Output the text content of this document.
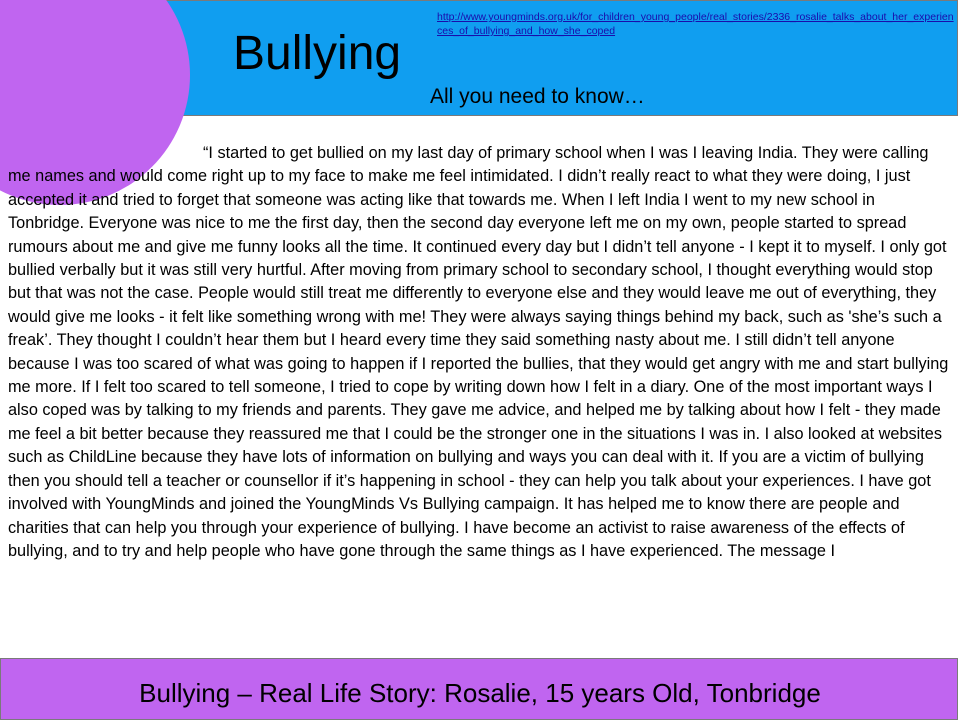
Bullying
All you need to know…
http://www.youngminds.org.uk/for_children_young_people/real_stories/2336_rosalie_talks_about_her_experiences_of_bullying_and_how_she_coped

“I started to get bullied on my last day of primary school when I was I leaving India. They were calling me names and would come right up to my face to make me feel intimidated. I didn’t really react to what they were doing, I just accepted it and tried to forget that someone was acting like that towards me. When I left India I went to my new school in Tonbridge. Everyone was nice to me the first day, then the second day everyone left me on my own, people started to spread rumours about me and give me funny looks all the time. It continued every day but I didn’t tell anyone - I kept it to myself. I only got bullied verbally but it was still very hurtful. After moving from primary school to secondary school, I thought everything would stop but that was not the case. People would still treat me differently to everyone else and they would leave me out of everything, they would give me looks - it felt like something wrong with me! They were always saying things behind my back, such as 'she’s such a freak’. They thought I couldn’t hear them but I heard every time they said something nasty about me. I still didn’t tell anyone because I was too scared of what was going to happen if I reported the bullies, that they would get angry with me and start bullying me more. If I felt too scared to tell someone, I tried to cope by writing down how I felt in a diary. One of the most important ways I also coped was by talking to my friends and parents. They gave me advice, and helped me by talking about how I felt - they made me feel a bit better because they reassured me that I could be the stronger one in the situations I was in. I also looked at websites such as ChildLine because they have lots of information on bullying and ways you can deal with it. If you are a victim of bullying then you should tell a teacher or counsellor if it’s happening in school - they can help you talk about your experiences. I have got involved with YoungMinds and joined the YoungMinds Vs Bullying campaign. It has helped me to know there are people and charities that can help you through your experience of bullying. I have become an activist to raise awareness of the effects of bullying, and to try and help people who have gone through the same things as I have experienced. The message I

Bullying – Real Life Story: Rosalie, 15 years Old, Tonbridge
